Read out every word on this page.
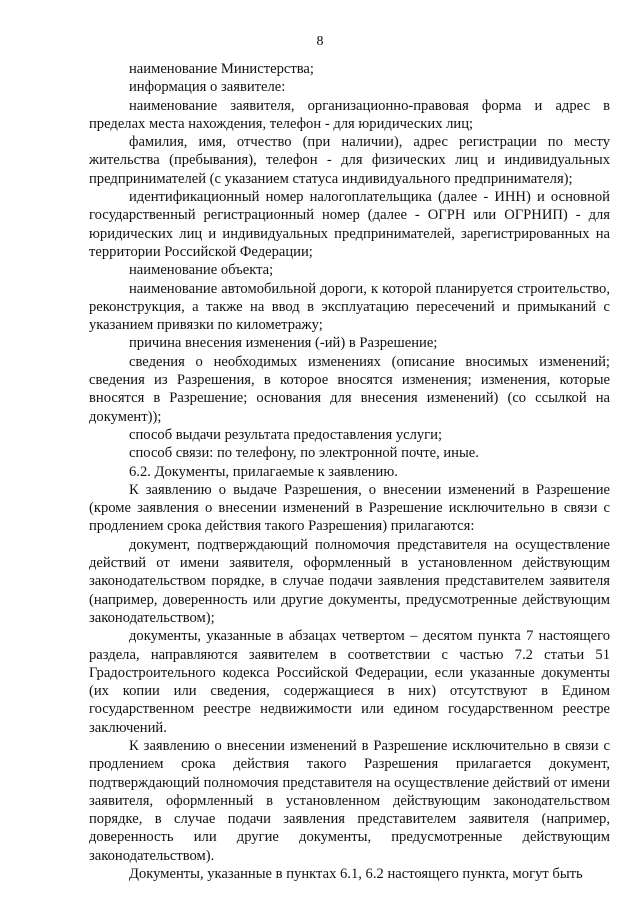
8

наименование Министерства;

информация о заявителе:

наименование заявителя, организационно-правовая форма и адрес в пределах места нахождения, телефон - для юридических лиц;

фамилия, имя, отчество (при наличии), адрес регистрации по месту жительства (пребывания), телефон - для физических лиц и индивидуальных предпринимателей (с указанием статуса индивидуального предпринимателя);

идентификационный номер налогоплательщика (далее - ИНН) и основной государственный регистрационный номер (далее - ОГРН или ОГРНИП) - для юридических лиц и индивидуальных предпринимателей, зарегистрированных на территории Российской Федерации;

наименование объекта;

наименование автомобильной дороги, к которой планируется строительство, реконструкция, а также на ввод в эксплуатацию пересечений и примыканий с указанием привязки по километражу;

причина внесения изменения (-ий) в Разрешение;

сведения о необходимых изменениях (описание вносимых изменений; сведения из Разрешения, в которое вносятся изменения; изменения, которые вносятся в Разрешение; основания для внесения изменений) (со ссылкой на документ));

способ выдачи результата предоставления услуги;

способ связи: по телефону, по электронной почте, иные.

6.2. Документы, прилагаемые к заявлению.

К заявлению о выдаче Разрешения, о внесении изменений в Разрешение (кроме заявления о внесении изменений в Разрешение исключительно в связи с продлением срока действия такого Разрешения) прилагаются:

документ, подтверждающий полномочия представителя на осуществление действий от имени заявителя, оформленный в установленном действующим законодательством порядке, в случае подачи заявления представителем заявителя (например, доверенность или другие документы, предусмотренные действующим законодательством);

документы, указанные в абзацах четвертом – десятом пункта 7 настоящего раздела, направляются заявителем в соответствии с частью 7.2 статьи 51 Градостроительного кодекса Российской Федерации, если указанные документы (их копии или сведения, содержащиеся в них) отсутствуют в Едином государственном реестре недвижимости или едином государственном реестре заключений.

К заявлению о внесении изменений в Разрешение исключительно в связи с продлением срока действия такого Разрешения прилагается документ, подтверждающий полномочия представителя на осуществление действий от имени заявителя, оформленный в установленном действующим законодательством порядке, в случае подачи заявления представителем заявителя (например, доверенность или другие документы, предусмотренные действующим законодательством).

Документы, указанные в пунктах 6.1, 6.2 настоящего пункта, могут быть
